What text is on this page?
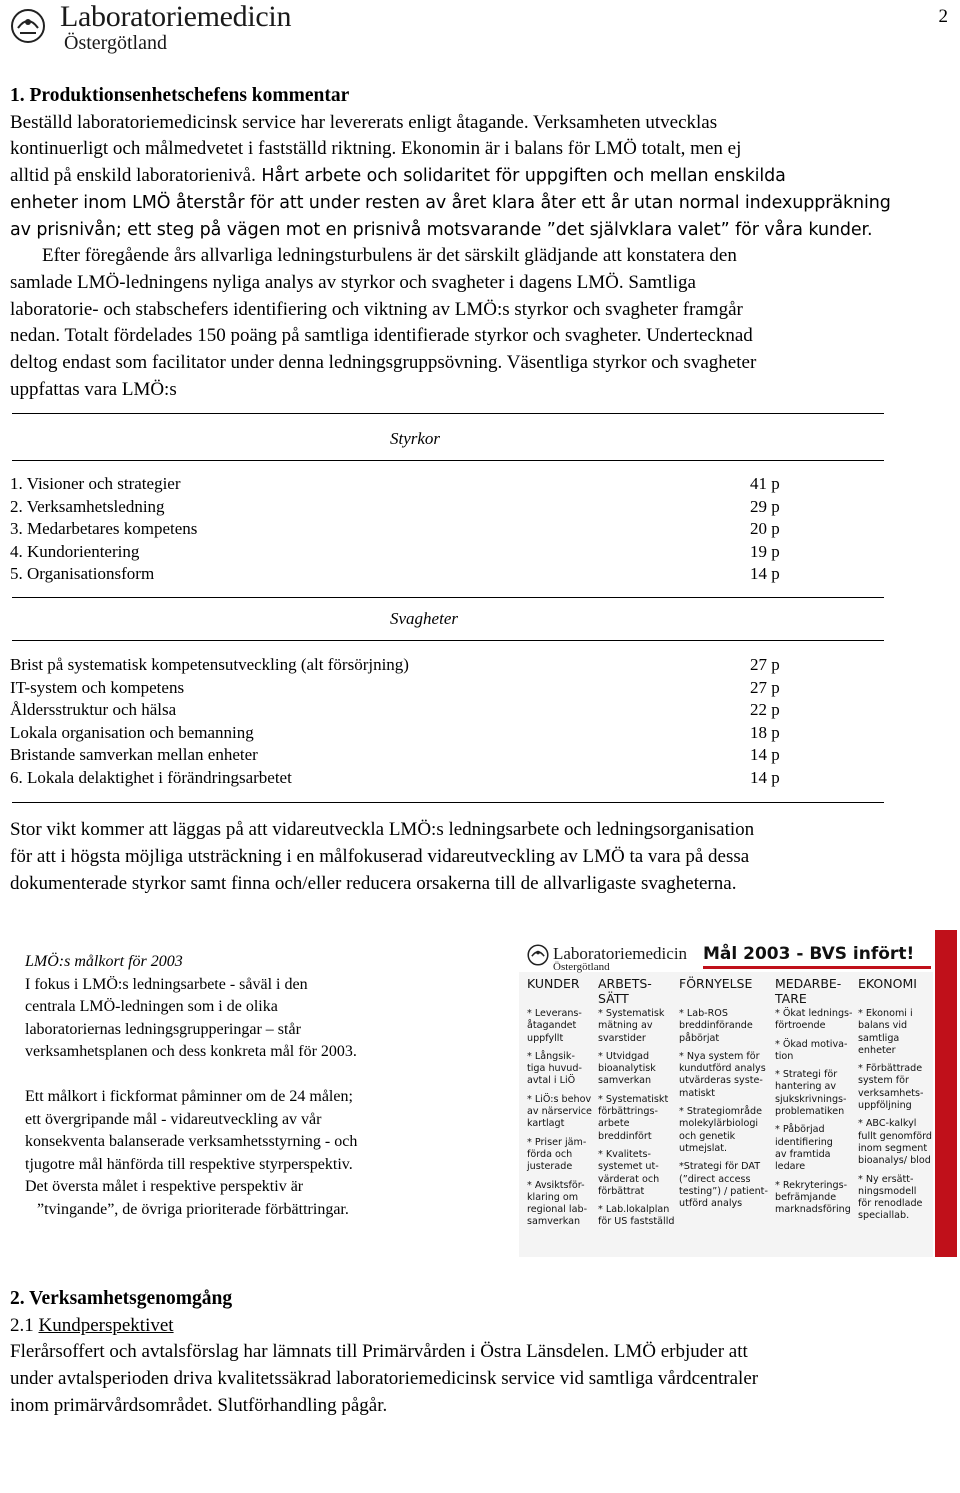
Laboratoriemedicin
Östergötland
2
1. Produktionsenhetschefens kommentar
Beställd laboratoriemedicinsk service har levererats enligt åtagande. Verksamheten utvecklas
kontinuerligt och målmedvetet i fastställd riktning. Ekonomin är i balans för LMÖ totalt, men ej
alltid på enskild laboratorienivå. Hårt arbete och solidaritet för uppgiften och mellan enskilda
enheter inom LMÖ återstår för att under resten av året klara åter ett år utan normal indexuppräkning
av prisnivån; ett steg på vägen mot en prisnivå motsvarande ”det självklara valet” för våra kunder.
Efter föregående års allvarliga ledningsturbulens är det särskilt glädjande att konstatera den
samlade LMÖ-ledningens nyliga analys av styrkor och svagheter i dagens LMÖ. Samtliga
laboratorie- och stabschefers identifiering och viktning av LMÖ:s styrkor och svagheter framgår
nedan. Totalt fördelades 150 poäng på samtliga identifierade styrkor och svagheter. Undertecknad
deltog endast som facilitator under denna ledningsgruppsövning. Väsentliga styrkor och svagheter
uppfattas vara LMÖ:s
Styrkor
1. Visioner och strategier	41 p
2. Verksamhetsledning	29 p
3. Medarbetares kompetens	20 p
4. Kundorientering	19 p
5. Organisationsform	14 p
Svagheter
Brist på systematisk kompetensutveckling (alt försörjning)	27 p
IT-system och kompetens	27 p
Åldersstruktur och hälsa	22 p
Lokala organisation och bemanning	18 p
Bristande samverkan mellan enheter	14 p
6. Lokala delaktighet i förändringsarbetet	14 p
Stor vikt kommer att läggas på att vidareutveckla LMÖ:s ledningsarbete och ledningsorganisation
för att i högsta möjliga utsträckning i en målfokuserad vidareutveckling av LMÖ ta vara på dessa
dokumenterade styrkor samt finna och/eller reducera orsakerna till de allvarligaste svagheterna.
LMÖ:s målkort för 2003
I fokus i LMÖ:s ledningsarbete - såväl i den
centrala LMÖ-ledningen som i de olika
laboratoriernas ledningsgrupperingar – står
verksamhetsplanen och dess konkreta mål för 2003.
Ett målkort i fickformat påminner om de 24 målen;
ett övergripande mål - vidareutveckling av vår
konsekventa balanserade verksamhetsstyrning - och
tjugotre mål hänförda till respektive styrperspektiv.
Det översta målet i respektive perspektiv är
”tvingande”, de övriga prioriterade förbättringar.
Laboratoriemedicin
Östergötland
Mål 2003 - BVS infört!
KUNDER
* Leverans-
åtagandet
uppfyllt
* Långsik-
tiga huvud-
avtal i LiÖ
* LiÖ:s behov
av närservice
kartlagt
* Priser jäm-
förda och
justerade
* Avsiktsför-
klaring om
regional lab-
samverkan
ARBETS-
SÄTT
* Systematisk
mätning av
svarstider
* Utvidgad
bioanalytisk
samverkan
* Systematiskt
förbättrings-
arbete
breddinfört
* Kvalitets-
systemet ut-
värderat och
förbättrat
* Lab.lokalplan
för US fastställd
FÖRNYELSE
* Lab-ROS
breddinförande
påbörjat
* Nya system för
kundutförd analys
utvärderas syste-
matiskt
* Strategiområde
molekylärbiologi
och genetik
utmejslat.
*Strategi för DAT
(”direct access
testing”) / patient-
utförd analys
MEDARBE-
TARE
* Ökat lednings-
förtroende
* Ökad motiva-
tion
* Strategi för
hantering av
sjukskrivnings-
problematiken
* Påbörjad
identifiering
av framtida
ledare
* Rekryterings-
befrämjande
marknadsföring
EKONOMI
* Ekonomi i
balans vid
samtliga
enheter
* Förbättrade
system för
verksamhets-
uppföljning
* ABC-kalkyl
fullt genomförd
inom segment
bioanalys/ blod
* Ny ersätt-
ningsmodell
för renodlade
speciallab.
2. Verksamhetsgenomgång
2.1 Kundperspektivet
Flerårsoffert och avtalsförslag har lämnats till Primärvården i Östra Länsdelen. LMÖ erbjuder att
under avtalsperioden driva kvalitetssäkrad laboratoriemedicinsk service vid samtliga vårdcentraler
inom primärvårdsområdet. Slutförhandling pågår.
